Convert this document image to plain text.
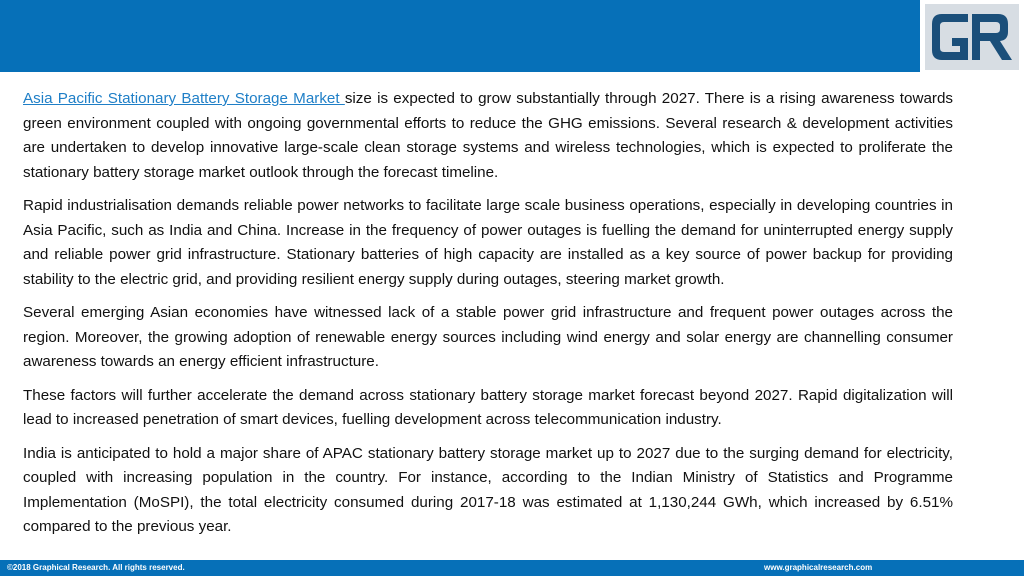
Asia Pacific Stationary Battery Storage Market size is expected to grow substantially through 2027. There is a rising awareness towards green environment coupled with ongoing governmental efforts to reduce the GHG emissions. Several research & development activities are undertaken to develop innovative large-scale clean storage systems and wireless technologies, which is expected to proliferate the stationary battery storage market outlook through the forecast timeline.

Rapid industrialisation demands reliable power networks to facilitate large scale business operations, especially in developing countries in Asia Pacific, such as India and China. Increase in the frequency of power outages is fuelling the demand for uninterrupted energy supply and reliable power grid infrastructure. Stationary batteries of high capacity are installed as a key source of power backup for providing stability to the electric grid, and providing resilient energy supply during outages, steering market growth.

Several emerging Asian economies have witnessed lack of a stable power grid infrastructure and frequent power outages across the region. Moreover, the growing adoption of renewable energy sources including wind energy and solar energy are channelling consumer awareness towards an energy efficient infrastructure.

These factors will further accelerate the demand across stationary battery storage market forecast beyond 2027. Rapid digitalization will lead to increased penetration of smart devices, fuelling development across telecommunication industry.

India is anticipated to hold a major share of APAC stationary battery storage market up to 2027 due to the surging demand for electricity, coupled with increasing population in the country. For instance, according to the Indian Ministry of Statistics and Programme Implementation (MoSPI), the total electricity consumed during 2017-18 was estimated at 1,130,244 GWh, which increased by 6.51% compared to the previous year.

©2018 Graphical Research. All rights reserved.	www.graphicalresearch.com
